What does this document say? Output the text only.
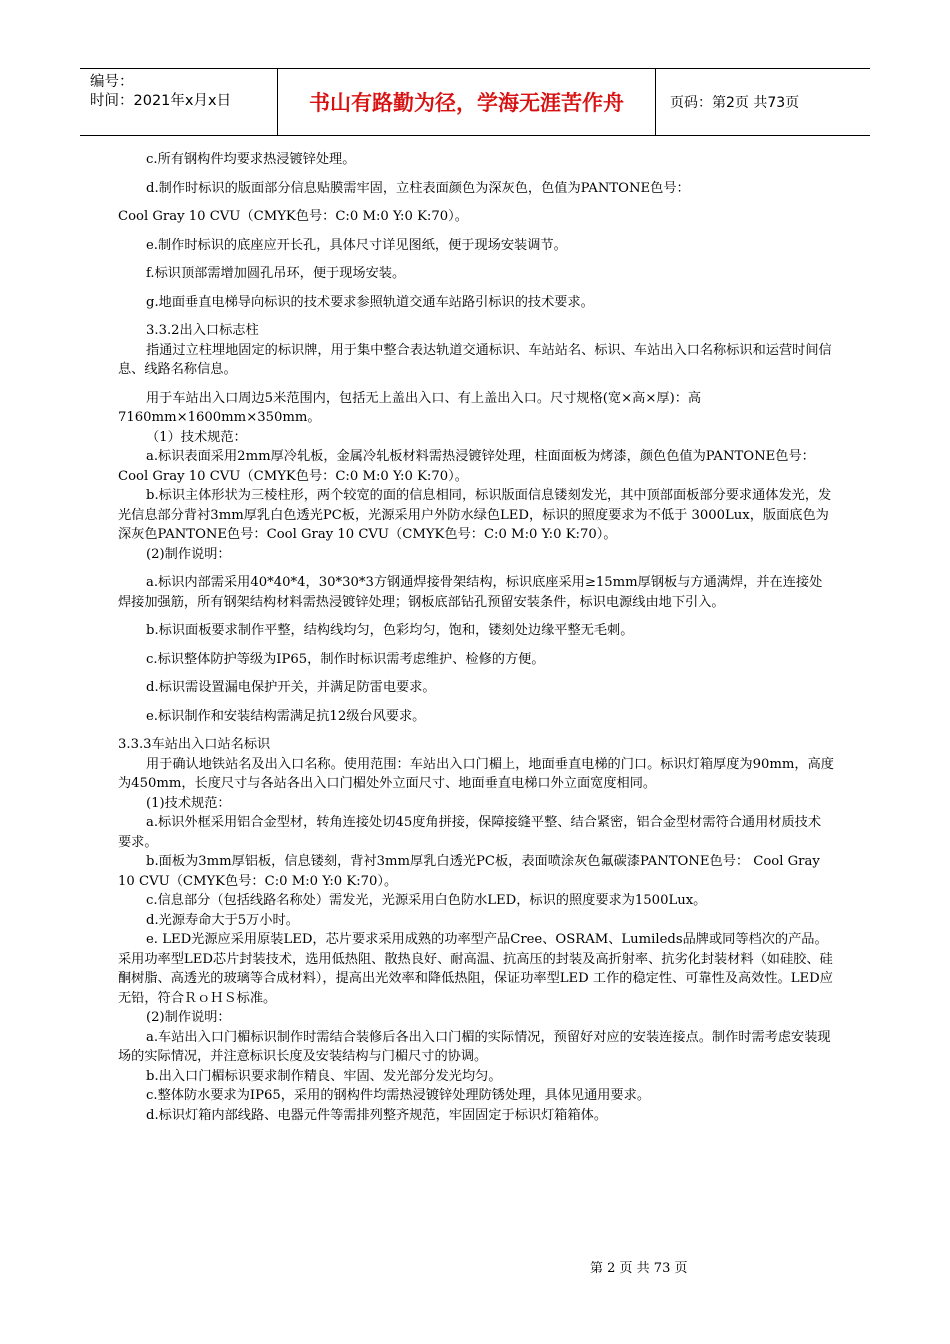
编号：
时间：2021年x月x日	书山有路勤为径，学海无涯苦作舟	页码：第2页 共73页

c.所有钢构件均要求热浸镀锌处理。

d.制作时标识的版面部分信息贴膜需牢固，立柱表面颜色为深灰色，色值为PANTONE色号：

Cool Gray 10 CVU（CMYK色号：C:0 M:0 Y:0 K:70）。

e.制作时标识的底座应开长孔，具体尺寸详见图纸，便于现场安装调节。

f.标识顶部需增加圆孔吊环，便于现场安装。

g.地面垂直电梯导向标识的技术要求参照轨道交通车站路引标识的技术要求。

3.3.2出入口标志柱

指通过立柱埋地固定的标识牌，用于集中整合表达轨道交通标识、车站站名、标识、车站出入口名称标识和运营时间信息、线路名称信息。

用于车站出入口周边5米范围内，包括无上盖出入口、有上盖出入口。尺寸规格(宽×高×厚)：高7160mm×1600mm×350mm。

（1）技术规范：

a.标识表面采用2mm厚冷轧板，金属冷轧板材料需热浸镀锌处理，柱面面板为烤漆，颜色色值为PANTONE色号： Cool Gray 10 CVU（CMYK色号：C:0 M:0 Y:0 K:70）。

b.标识主体形状为三棱柱形，两个较宽的面的信息相同，标识版面信息镂刻发光，其中顶部面板部分要求通体发光，发光信息部分背衬3mm厚乳白色透光PC板，光源采用户外防水绿色LED，标识的照度要求为不低于 3000Lux，版面底色为深灰色PANTONE色号：Cool Gray 10 CVU（CMYK色号：C:0 M:0 Y:0 K:70）。

(2)制作说明：

a.标识内部需采用40*40*4，30*30*3方钢通焊接骨架结构，标识底座采用≥15mm厚钢板与方通满焊，并在连接处焊接加强筋，所有钢架结构材料需热浸镀锌处理；钢板底部钻孔预留安装条件，标识电源线由地下引入。

b.标识面板要求制作平整，结构线均匀，色彩均匀，饱和，镂刻处边缘平整无毛刺。

c.标识整体防护等级为IP65，制作时标识需考虑维护、检修的方便。

d.标识需设置漏电保护开关，并满足防雷电要求。

e.标识制作和安装结构需满足抗12级台风要求。

3.3.3车站出入口站名标识

用于确认地铁站名及出入口名称。使用范围：车站出入口门楣上，地面垂直电梯的门口。标识灯箱厚度为90mm，高度为450mm，长度尺寸与各站各出入口门楣处外立面尺寸、地面垂直电梯口外立面宽度相同。

(1)技术规范：

a.标识外框采用铝合金型材，转角连接处切45度角拼接，保障接缝平整、结合紧密，铝合金型材需符合通用材质技术要求。

b.面板为3mm厚铝板，信息镂刻，背衬3mm厚乳白透光PC板，表面喷涂灰色氟碳漆PANTONE色号： Cool Gray 10 CVU（CMYK色号：C:0 M:0 Y:0 K:70）。

c.信息部分（包括线路名称处）需发光，光源采用白色防水LED，标识的照度要求为1500Lux。

d.光源寿命大于5万小时。

e. LED光源应采用原装LED，芯片要求采用成熟的功率型产品Cree、OSRAM、Lumileds品牌或同等档次的产品。采用功率型LED芯片封装技术，选用低热阻、散热良好、耐高温、抗高压的封装及高折射率、抗劣化封装材料（如硅胶、硅酮树脂、高透光的玻璃等合成材料），提高出光效率和降低热阻，保证功率型LED 工作的稳定性、可靠性及高效性。LED应无铅，符合ＲｏＨＳ标准。

(2)制作说明：

a.车站出入口门楣标识制作时需结合装修后各出入口门楣的实际情况，预留好对应的安装连接点。制作时需考虑安装现场的实际情况，并注意标识长度及安装结构与门楣尺寸的协调。

b.出入口门楣标识要求制作精良、牢固、发光部分发光均匀。

c.整体防水要求为IP65，采用的钢构件均需热浸镀锌处理防锈处理，具体见通用要求。

d.标识灯箱内部线路、电器元件等需排列整齐规范，牢固固定于标识灯箱箱体。

第 2 页 共 73 页
